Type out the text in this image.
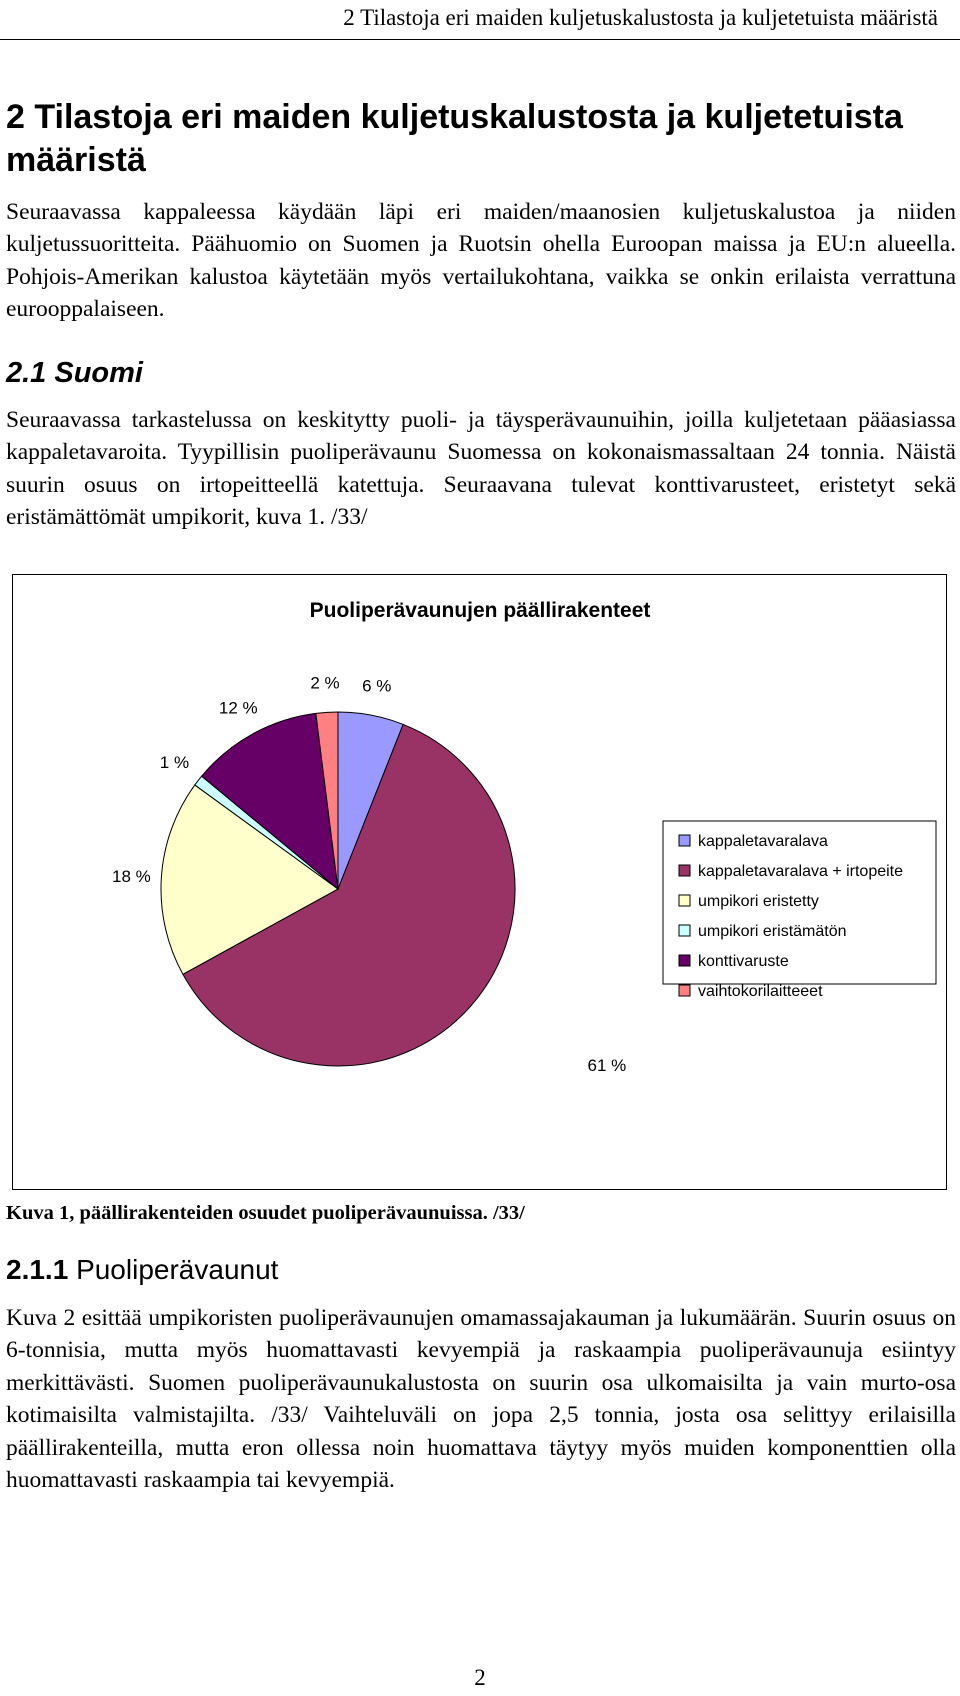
2 Tilastoja eri maiden kuljetuskalustosta ja kuljetetuista määristä
2 Tilastoja eri maiden kuljetuskalustosta ja kuljetetuista määristä

Seuraavassa kappaleessa käydään läpi eri maiden/maanosien kuljetuskalustoa ja niiden kuljetussuoritteita. Päähuomio on Suomen ja Ruotsin ohella Euroopan maissa ja EU:n alueella. Pohjois-Amerikan kalustoa käytetään myös vertailukohtana, vaikka se onkin erilaista verrattuna eurooppalaiseen.

2.1 Suomi

Seuraavassa tarkastelussa on keskitytty puoli- ja täysperävaunuihin, joilla kuljetetaan pääasiassa kappaletavaroita. Tyypillisin puoliperävaunu Suomessa on kokonaismassaltaan 24 tonnia. Näistä suurin osuus on irtopeitteellä katettuja. Seuraavana tulevat konttivarusteet, eristetyt sekä eristämättömät umpikorit, kuva 1. /33/

Puoliperävaunujen päällirakenteet
6 %
61 %
18 %
1 %
12 %
2 %
kappaletavaralava
kappaletavaralava + irtopeite
umpikori eristetty
umpikori eristämätön
konttivaruste
vaihtokorilaitteeet

Kuva 1, päällirakenteiden osuudet puoliperävaunuissa. /33/

2.1.1 Puoliperävaunut

Kuva 2 esittää umpikoristen puoliperävaunujen omamassajakauman ja lukumäärän. Suurin osuus on 6-tonnisia, mutta myös huomattavasti kevyempiä ja raskaampia puoliperävaunuja esiintyy merkittävästi. Suomen puoliperävaunukalustosta on suurin osa ulkomaisilta ja vain murto-osa kotimaisilta valmistajilta. /33/ Vaihteluväli on jopa 2,5 tonnia, josta osa selittyy erilaisilla päällirakenteilla, mutta eron ollessa noin huomattava täytyy myös muiden komponenttien olla huomattavasti raskaampia tai kevyempiä.

2
